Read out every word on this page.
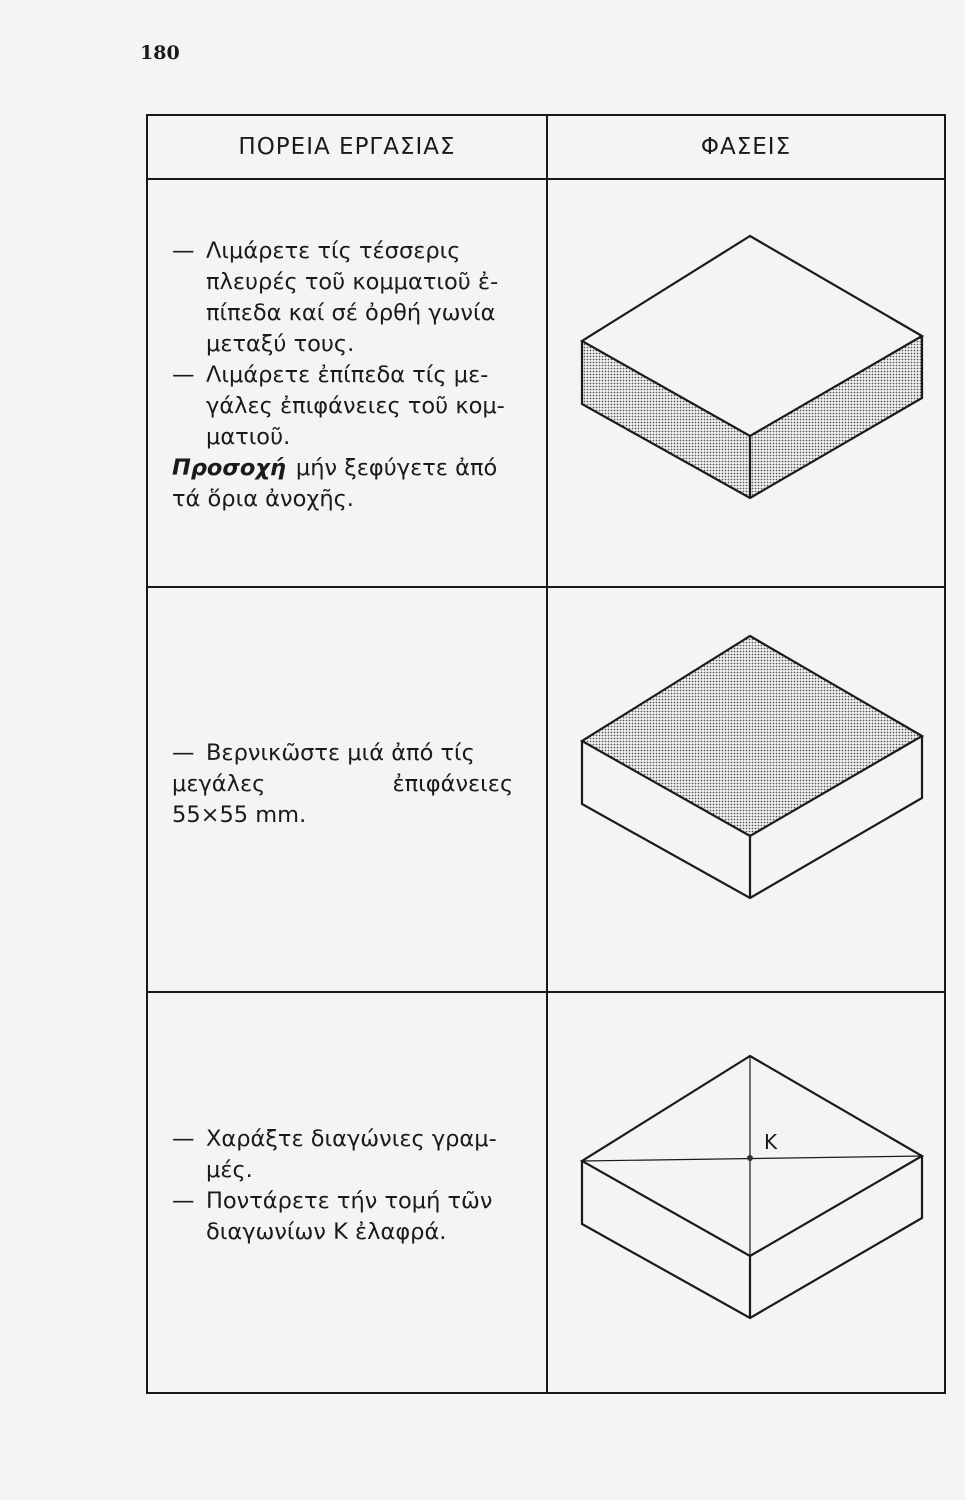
180
ΠΟΡΕΙΑ ΕΡΓΑΣΙΑΣ	ΦΑΣΕΙΣ
— Λιμάρετε τίς τέσσερις
πλευρές τοῦ κομματιοῦ ἐ-
πίπεδα καί σέ ὀρθή γωνία
μεταξύ τους.
— Λιμάρετε ἐπίπεδα τίς με-
γάλες ἐπιφάνειες τοῦ κομ-
ματιοῦ.
Προσοχή μήν ξεφύγετε ἀπό
τά ὅρια ἀνοχῆς.
— Βερνικῶστε μιά ἀπό τίς
μεγάλες ἐπιφάνειες
55×55 mm.
— Χαράξτε διαγώνιες γραμ-
μές.
— Ποντάρετε τήν τομή τῶν
διαγωνίων Κ ἐλαφρά.
Κ
